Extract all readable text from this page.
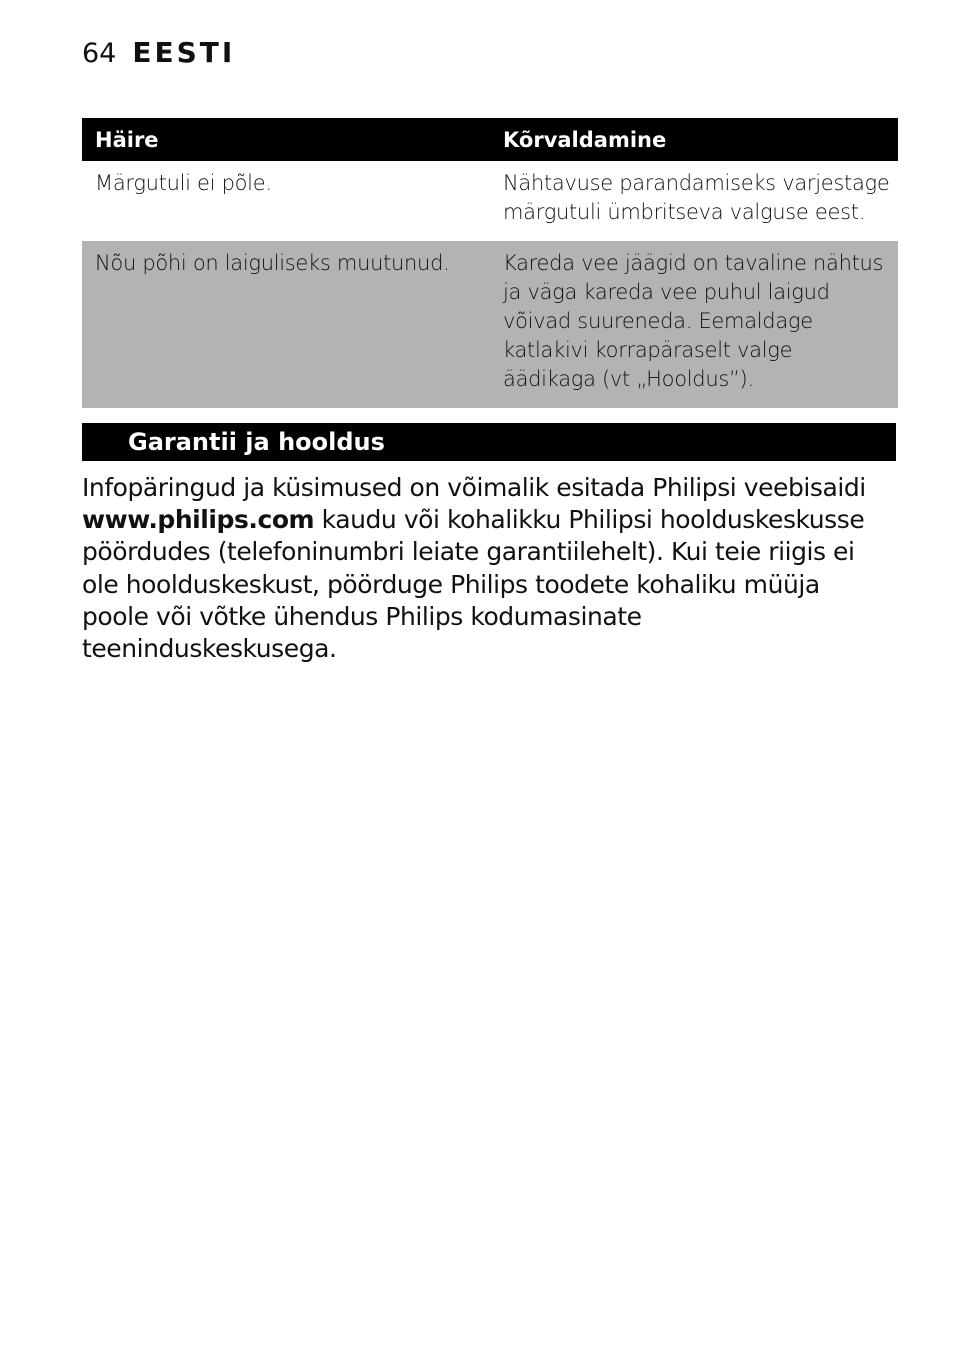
64 EESTI
Häire	Kõrvaldamine
Märgutuli ei põle.	Nähtavuse parandamiseks varjestage märgutuli ümbritseva valguse eest.
Nõu põhi on laiguliseks muutunud.	Kareda vee jäägid on tavaline nähtus ja väga kareda vee puhul laigud võivad suureneda. Eemaldage katlakivi korrapäraselt valge äädikaga (vt „Hooldus”).
Garantii ja hooldus

Infopäringud ja küsimused on võimalik esitada Philipsi veebisaidi www.philips.com kaudu või kohalikku Philipsi hoolduskeskusse pöördudes (telefoninumbri leiate garantiilehelt). Kui teie riigis ei ole hoolduskeskust, pöörduge Philips toodete kohaliku müüja poole või võtke ühendus Philips kodumasinate teeninduskeskusega.
